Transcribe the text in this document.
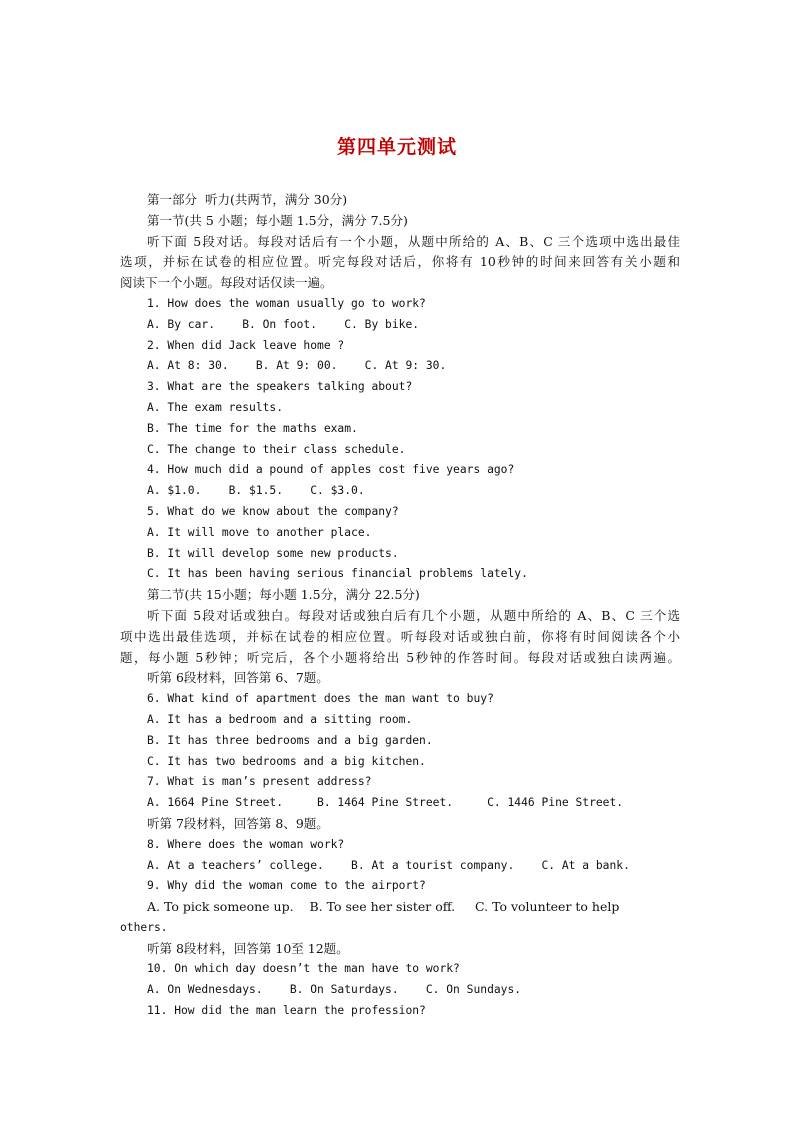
第四单元测试
第一部分  听力(共两节，满分 30分)
第一节(共 5 小题；每小题 1.5分，满分 7.5分)
听下面 5段对话。每段对话后有一个小题，从题中所给的 A、B、C 三个选项中选出最佳
选项，并标在试卷的相应位置。听完每段对话后，你将有 10秒钟的时间来回答有关小题和
阅读下一个小题。每段对话仅读一遍。
1. How does the woman usually go to work?
A. By car.    B. On foot.    C. By bike.
2. When did Jack leave home ?
A. At 8: 30.    B. At 9: 00.    C. At 9: 30.
3. What are the speakers talking about?
A. The exam results.
B. The time for the maths exam.
C. The change to their class schedule.
4. How much did a pound of apples cost five years ago?
A. $1.0.    B. $1.5.    C. $3.0.
5. What do we know about the company?
A. It will move to another place.
B. It will develop some new products.
C. It has been having serious financial problems lately.
第二节(共 15小题；每小题 1.5分，满分 22.5分)
听下面 5段对话或独白。每段对话或独白后有几个小题，从题中所给的 A、B、C 三个选
项中选出最佳选项，并标在试卷的相应位置。听每段对话或独白前，你将有时间阅读各个小
题，每小题 5秒钟；听完后，各个小题将给出 5秒钟的作答时间。每段对话或独白读两遍。
听第 6段材料，回答第 6、7题。
6. What kind of apartment does the man want to buy?
A. It has a bedroom and a sitting room.
B. It has three bedrooms and a big garden.
C. It has two bedrooms and a big kitchen.
7. What is man’s present address?
A. 1664 Pine Street.     B. 1464 Pine Street.     C. 1446 Pine Street.
听第 7段材料，回答第 8、9题。
8. Where does the woman work?
A. At a teachers’ college.    B. At a tourist company.    C. At a bank.
9. Why did the woman come to the airport?
A. To pick someone up.    B. To see her sister off.     C. To volunteer to help
others.
听第 8段材料，回答第 10至 12题。
10. On which day doesn’t the man have to work?
A. On Wednesdays.    B. On Saturdays.    C. On Sundays.
11. How did the man learn the profession?
